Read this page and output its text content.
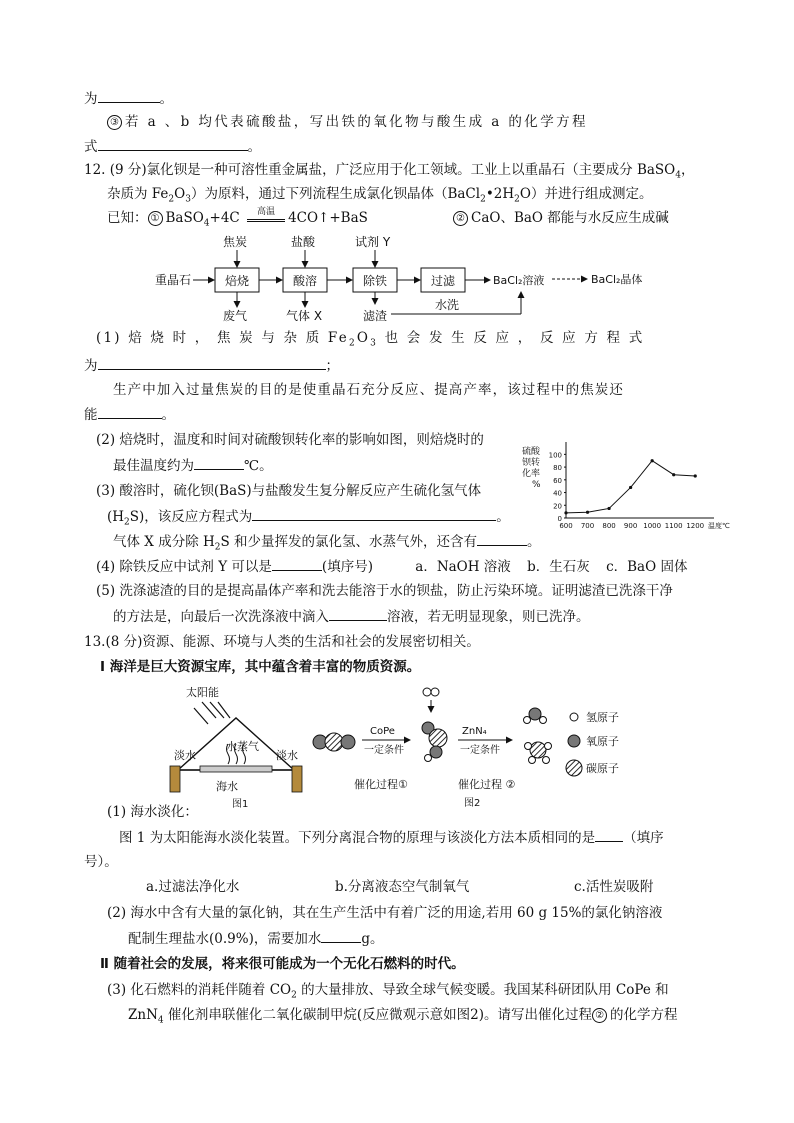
为	。
③ 若 a 、b 均代表硫酸盐，写出铁的氧化物与酸生成 a 的化学方程
式	。
12. (9 分)氯化钡是一种可溶性重金属盐，广泛应用于化工领域。工业上以重晶石（主要成分 BaSO$_4$，
杂质为 $Fe_2O_3$）为原料，通过下列流程生成氯化钡晶体$(BaCl_2•2H_2O)$并进行组成测定。
已知： ① BaSO$_4$+4C	高温 4CO↑+BaS	② CaO、BaO 都能与水反应生成碱
重晶石	焙烧	酸溶	除铁	过滤	BaCl₂溶液	BaCl₂晶体
焦炭	盐酸	试剂 Y
废气	气体 X	滤渣
水洗
(1) 焙 烧 时 ， 焦 炭 与 杂 质 $Fe_2O_3$ 也 会 发 生 反 应 ， 反 应 方 程 式
为	；
生产中加入过量焦炭的目的是使重晶石充分反应、提高产率，该过程中的焦炭还
能	。
(2) 焙烧时，温度和时间对硫酸钡转化率的影响如图，则焙烧时的
最佳温度约为	℃。
硫酸
钡转
化率
%
0
20
40
60
80
100
600 700 800 900 1000 1100 1200 温度℃
(3) 酸溶时，硫化钡(BaS)与盐酸发生复分解反应产生硫化氢气体
$(H_2S)$，该反应方程式为	。
气体 X 成分除 $H_2S$ 和少量挥发的氯化氢、水蒸气外，还含有	。
(4) 除铁反应中试剂 Y 可以是	(填序号)	a．NaOH 溶液 b．生石灰 c．BaO 固体
(5) 洗涤滤渣的目的是提高晶体产率和洗去能溶于水的钡盐，防止污染环境。证明滤渣已洗涤干净
的方法是，向最后一次洗涤液中滴入	溶液，若无明显现象，则已洗净。
13.(8 分)资源、能源、环境与人类的生活和社会的发展密切相关。
Ⅰ 海洋是巨大资源宝库，其中蕴含着丰富的物质资源。
太阳能
水蒸气
淡水	淡水
海水
图1
CoPe
一定条件
ZnN₄
一定条件
氢原子
氧原子
碳原子
催化过程①	催化过程 ②
图2
(1) 海水淡化：
图 1 为太阳能海水淡化装置。下列分离混合物的原理与该淡化方法本质相同的是 （填序
号）。
a.过滤法净化水	b.分离液态空气制氧气	c.活性炭吸附
(2) 海水中含有大量的氯化钠，其在生产生活中有着广泛的用途,若用 60 g 15%的氯化钠溶液
配制生理盐水(0.9%)，需要加水	g。
Ⅱ 随着社会的发展，将来很可能成为一个无化石燃料的时代。
(3) 化石燃料的消耗伴随着 $CO_2$ 的大量排放、导致全球气候变暖。我国某科研团队用 CoPe 和
ZnN$_4$ 催化剂串联催化二氧化碳制甲烷(反应微观示意如图2)。请写出催化过程 ② 的化学方程
